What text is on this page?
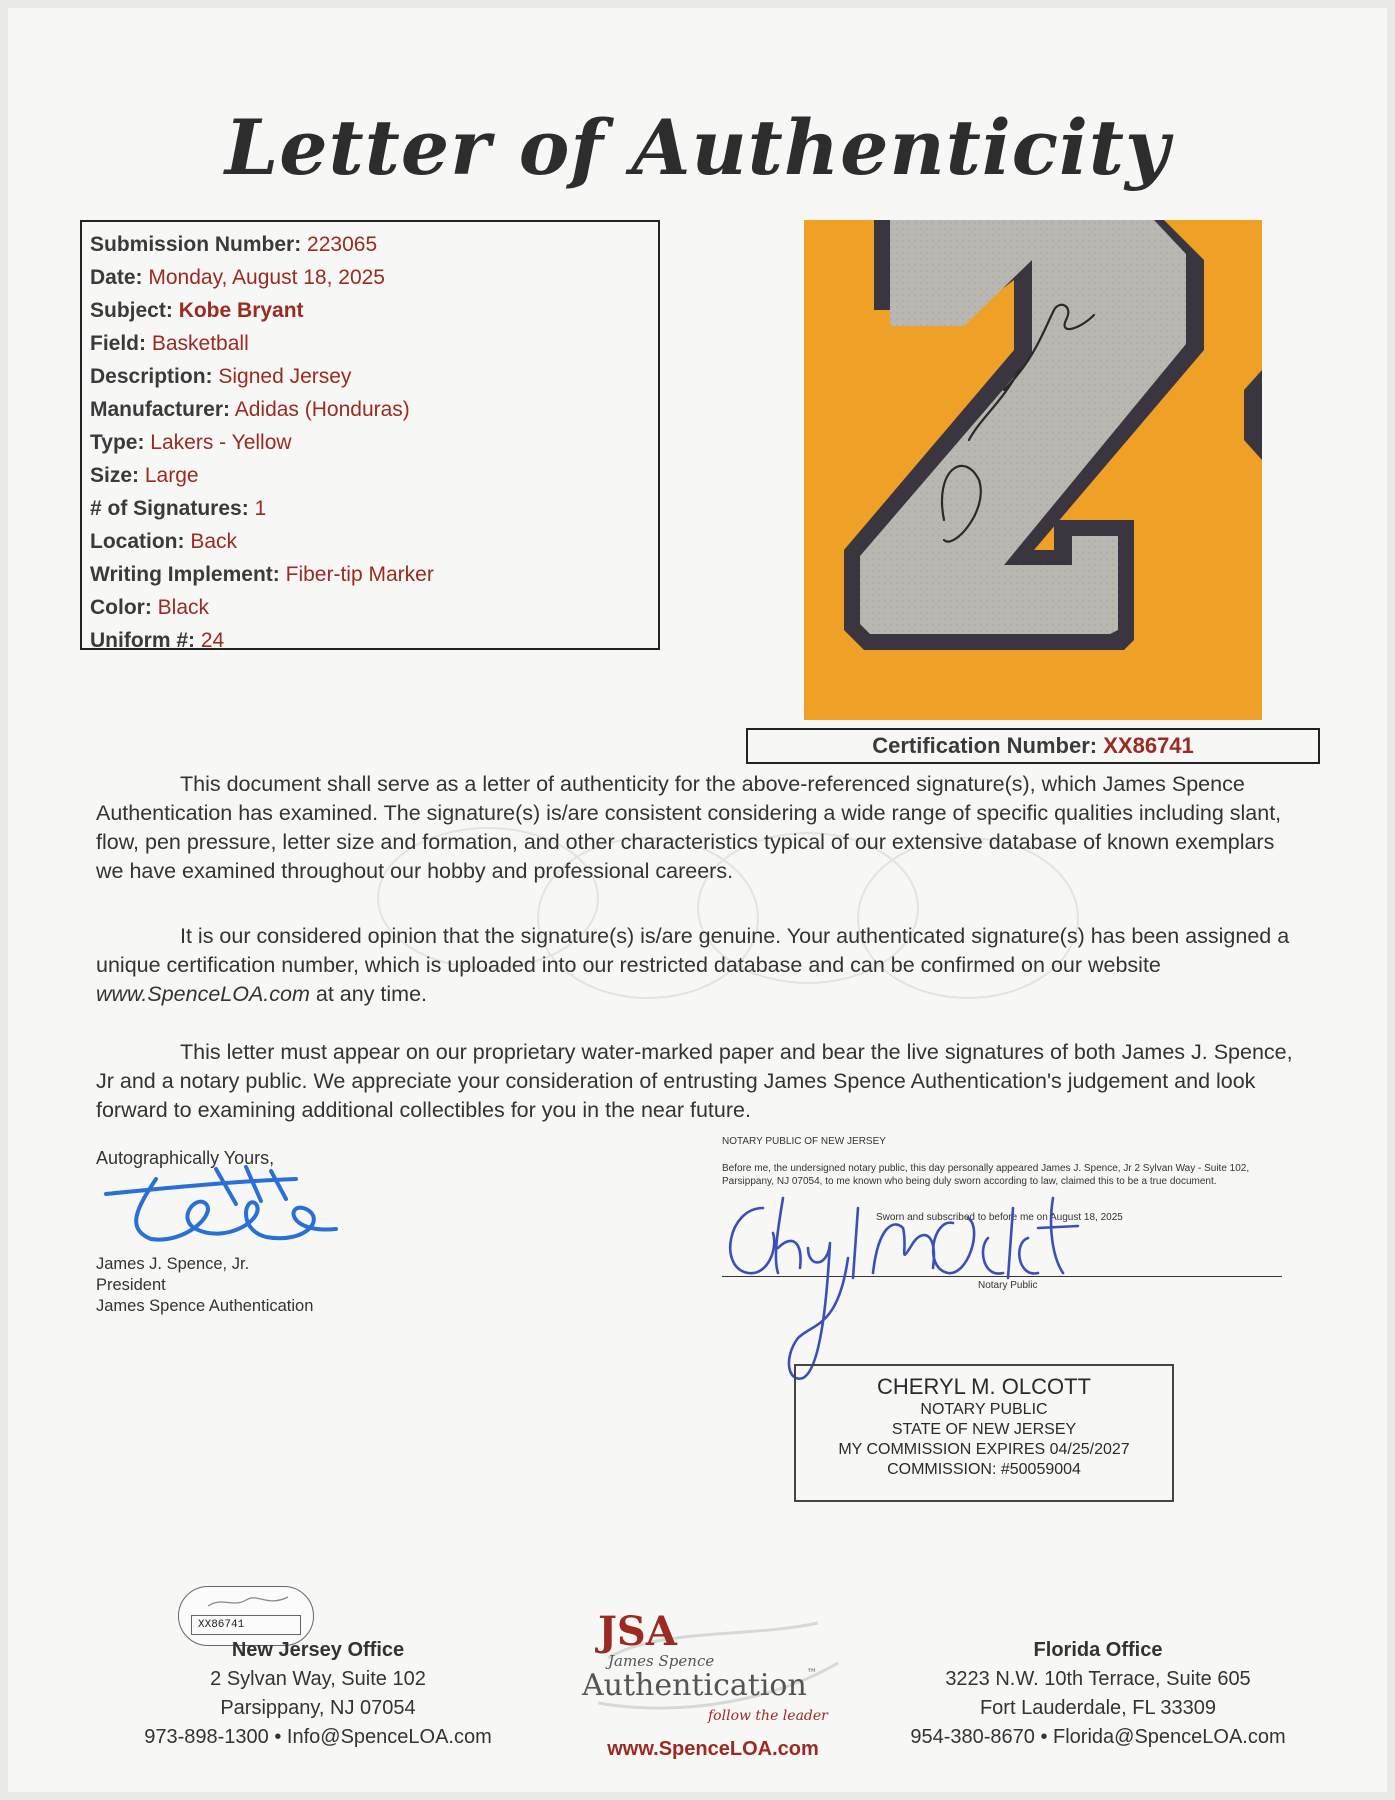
Letter of Authenticity
Submission Number: 223065
Date: Monday, August 18, 2025
Subject: Kobe Bryant
Field: Basketball
Description: Signed Jersey
Manufacturer: Adidas (Honduras)
Type: Lakers - Yellow
Size: Large
# of Signatures: 1
Location: Back
Writing Implement: Fiber-tip Marker
Color: Black
Uniform #: 24
Certification Number: XX86741

This document shall serve as a letter of authenticity for the above-referenced signature(s), which James Spence Authentication has examined. The signature(s) is/are consistent considering a wide range of specific qualities including slant, flow, pen pressure, letter size and formation, and other characteristics typical of our extensive database of known exemplars we have examined throughout our hobby and professional careers.

It is our considered opinion that the signature(s) is/are genuine. Your authenticated signature(s) has been assigned a unique certification number, which is uploaded into our restricted database and can be confirmed on our website www.SpenceLOA.com at any time.

This letter must appear on our proprietary water-marked paper and bear the live signatures of both James J. Spence, Jr and a notary public. We appreciate your consideration of entrusting James Spence Authentication's judgement and look forward to examining additional collectibles for you in the near future.

Autographically Yours,
James J. Spence, Jr.
President
James Spence Authentication
NOTARY PUBLIC OF NEW JERSEY
Before me, the undersigned notary public, this day personally appeared James J. Spence, Jr 2 Sylvan Way - Suite 102, Parsippany, NJ 07054, to me known who being duly sworn according to law, claimed this to be a true document.
Sworn and subscribed to before me on August 18, 2025
Notary Public
CHERYL M. OLCOTT
NOTARY PUBLIC
STATE OF NEW JERSEY
MY COMMISSION EXPIRES 04/25/2027
COMMISSION: #50059004
XX86741
New Jersey Office
2 Sylvan Way, Suite 102
Parsippany, NJ 07054
973-898-1300 • Info@SpenceLOA.com
JSA
James Spence
Authentication™
follow the leader
www.SpenceLOA.com
Florida Office
3223 N.W. 10th Terrace, Suite 605
Fort Lauderdale, FL 33309
954-380-8670 • Florida@SpenceLOA.com
